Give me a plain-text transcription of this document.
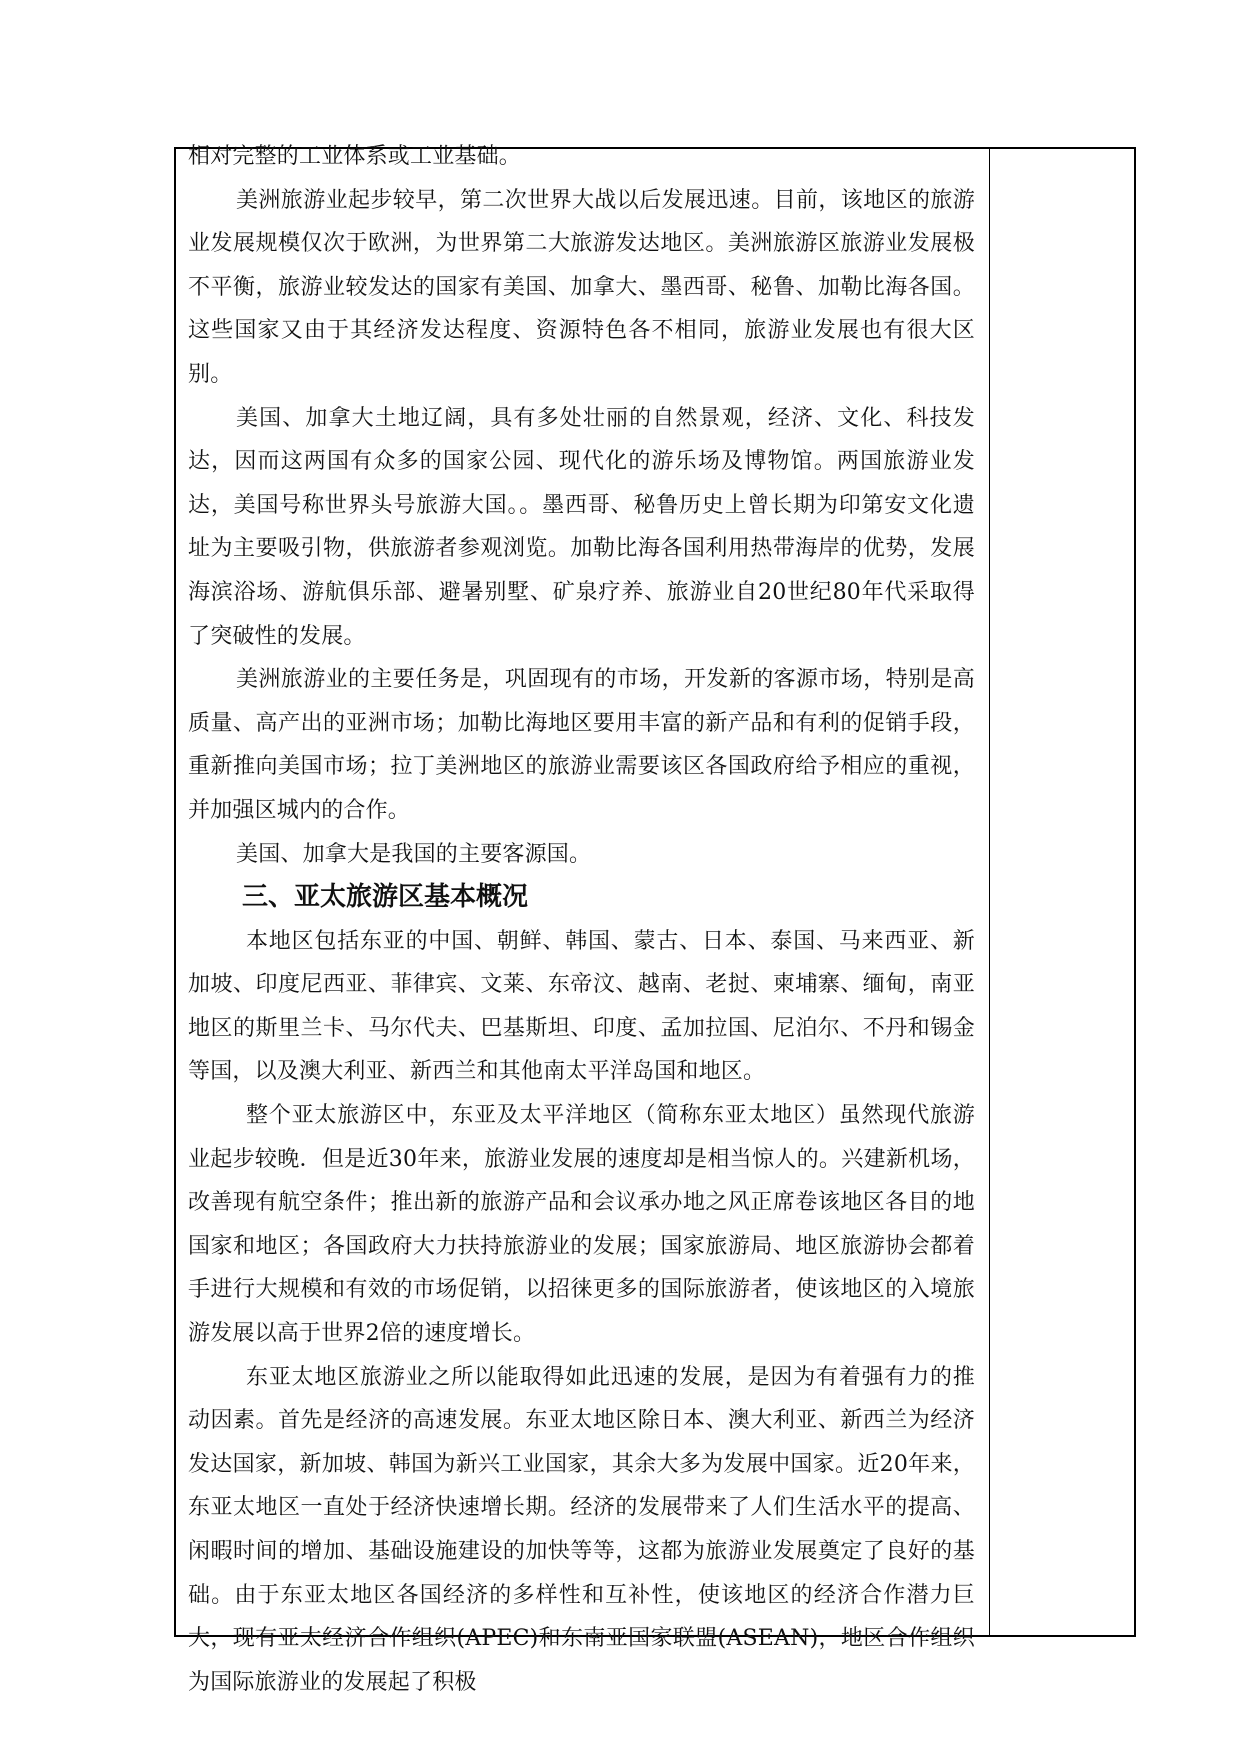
相对完整的工业体系或工业基础。

美洲旅游业起步较早，第二次世界大战以后发展迅速。目前，该地区的旅游业发展规模仅次于欧洲，为世界第二大旅游发达地区。美洲旅游区旅游业发展极不平衡，旅游业较发达的国家有美国、加拿大、墨西哥、秘鲁、加勒比海各国。这些国家又由于其经济发达程度、资源特色各不相同，旅游业发展也有很大区别。

美国、加拿大土地辽阔，具有多处壮丽的自然景观，经济、文化、科技发达，因而这两国有众多的国家公园、现代化的游乐场及博物馆。两国旅游业发达，美国号称世界头号旅游大国。。墨西哥、秘鲁历史上曾长期为印第安文化遗址为主要吸引物，供旅游者参观浏览。加勒比海各国利用热带海岸的优势，发展海滨浴场、游航俱乐部、避暑别墅、矿泉疗养、旅游业自20世纪80年代采取得了突破性的发展。

美洲旅游业的主要任务是，巩固现有的市场，开发新的客源市场，特别是高质量、高产出的亚洲市场；加勒比海地区要用丰富的新产品和有利的促销手段，重新推向美国市场；拉丁美洲地区的旅游业需要该区各国政府给予相应的重视，并加强区城内的合作。

美国、加拿大是我国的主要客源国。

三、亚太旅游区基本概况

本地区包括东亚的中国、朝鲜、韩国、蒙古、日本、泰国、马来西亚、新加坡、印度尼西亚、菲律宾、文莱、东帝汶、越南、老挝、柬埔寨、缅甸，南亚地区的斯里兰卡、马尔代夫、巴基斯坦、印度、孟加拉国、尼泊尔、不丹和锡金等国，以及澳大利亚、新西兰和其他南太平洋岛国和地区。

整个亚太旅游区中，东亚及太平洋地区（简称东亚太地区）虽然现代旅游业起步较晚．但是近30年来，旅游业发展的速度却是相当惊人的。兴建新机场，改善现有航空条件；推出新的旅游产品和会议承办地之风正席卷该地区各目的地国家和地区；各国政府大力扶持旅游业的发展；国家旅游局、地区旅游协会都着手进行大规模和有效的市场促销，以招徕更多的国际旅游者，使该地区的入境旅游发展以高于世界2倍的速度增长。

东亚太地区旅游业之所以能取得如此迅速的发展，是因为有着强有力的推动因素。首先是经济的高速发展。东亚太地区除日本、澳大利亚、新西兰为经济发达国家，新加坡、韩国为新兴工业国家，其余大多为发展中国家。近20年来，东亚太地区一直处于经济快速增长期。经济的发展带来了人们生活水平的提高、闲暇时间的增加、基础设施建设的加快等等，这都为旅游业发展奠定了良好的基础。由于东亚太地区各国经济的多样性和互补性，使该地区的经济合作潜力巨大，现有亚太经济合作组织(APEC)和东南亚国家联盟(ASEAN)，地区合作组织为国际旅游业的发展起了积极
